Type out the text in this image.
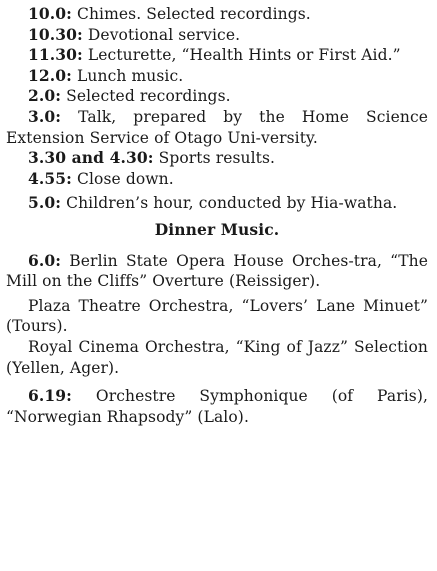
10.0: Chimes. Selected recordings.

10.30: Devotional service.

11.30: Lecturette, “Health Hints or First Aid.”

12.0: Lunch music.

2.0: Selected recordings.

3.0: Talk, prepared by the Home Science Extension Service of Otago Uni-versity.

3.30 and 4.30: Sports results.

4.55: Close down.

5.0: Children’s hour, conducted by Hia-watha.

Dinner Music.

6.0: Berlin State Opera House Orches-tra, “The Mill on the Cliffs” Overture (Reissiger).

Plaza Theatre Orchestra, “Lovers’ Lane Minuet” (Tours).

Royal Cinema Orchestra, “King of Jazz” Selection (Yellen, Ager).

6.19: Orchestre Symphonique (of Paris), “Norwegian Rhapsody” (Lalo).
